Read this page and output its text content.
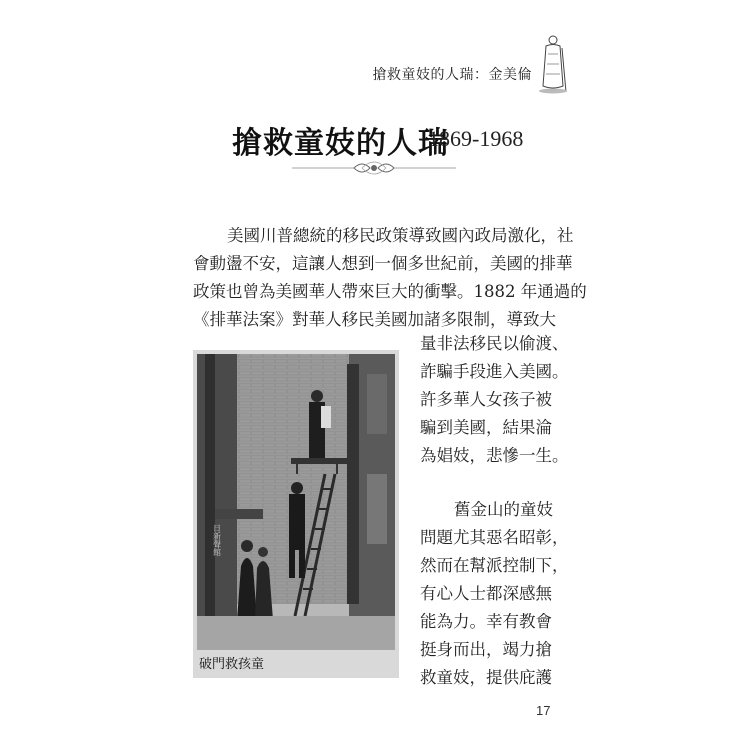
搶救童妓的人瑞：金美倫
搶救童妓的人瑞
1869-1968
美國川普總統的移民政策導致國內政局激化，社
會動盪不安，這讓人想到一個多世紀前，美國的排華
政策也曾為美國華人帶來巨大的衝擊。1882 年通過的
《排華法案》對華人移民美國加諸多限制，導致大
日新聲館
破門救孩童
量非法移民以偷渡、
詐騙手段進入美國。
許多華人女孩子被
騙到美國，結果淪
為娼妓，悲慘一生。
舊金山的童妓
問題尤其惡名昭彰，
然而在幫派控制下，
有心人士都深感無
能為力。幸有教會
挺身而出，竭力搶
救童妓，提供庇護
17
